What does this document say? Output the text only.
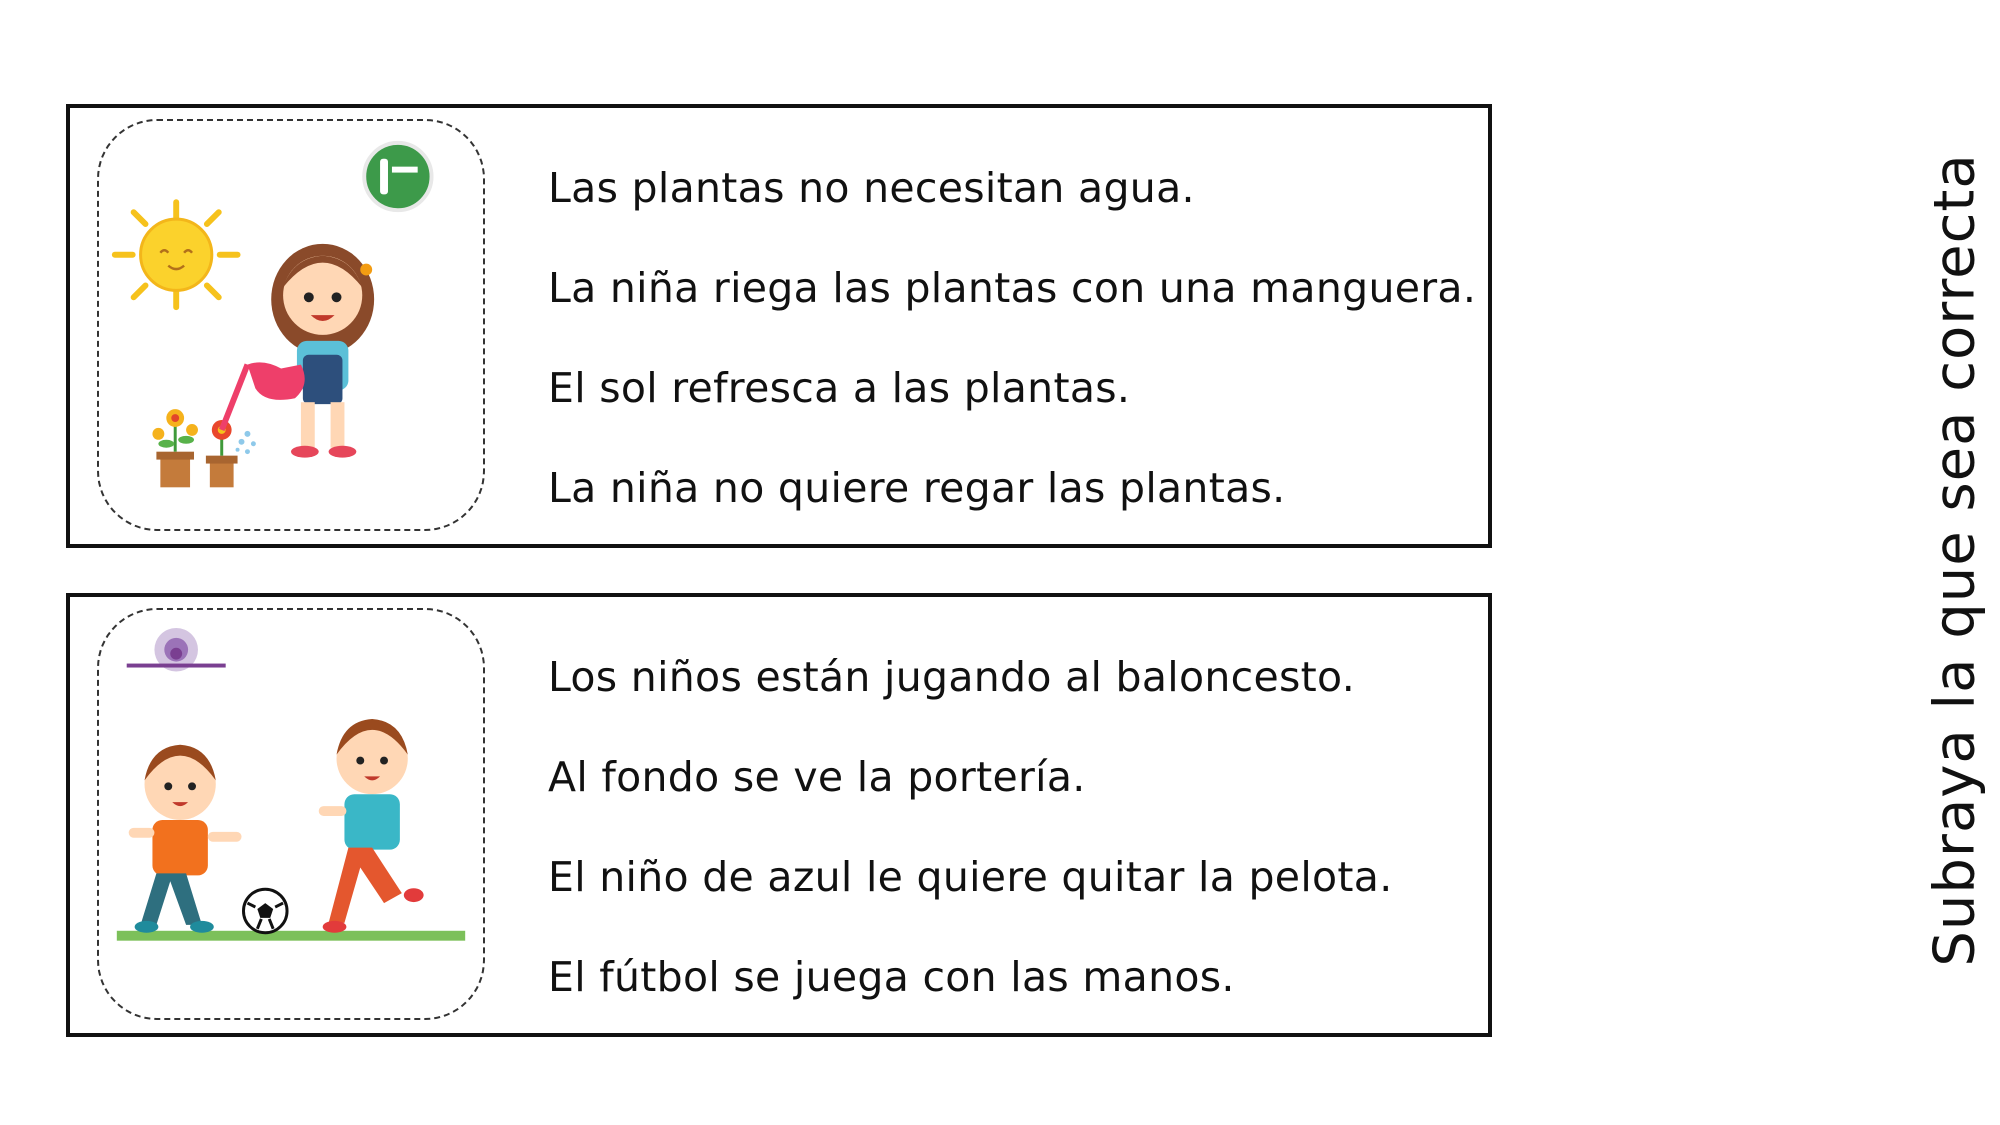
Subraya la que sea correcta
Las plantas no necesitan agua.
La niña riega las plantas con una manguera.
El sol refresca a las plantas.
La niña no quiere regar las plantas.
Los niños están jugando al baloncesto.
Al fondo se ve la portería.
El niño de azul le quiere quitar la pelota.
El fútbol se juega con las manos.
